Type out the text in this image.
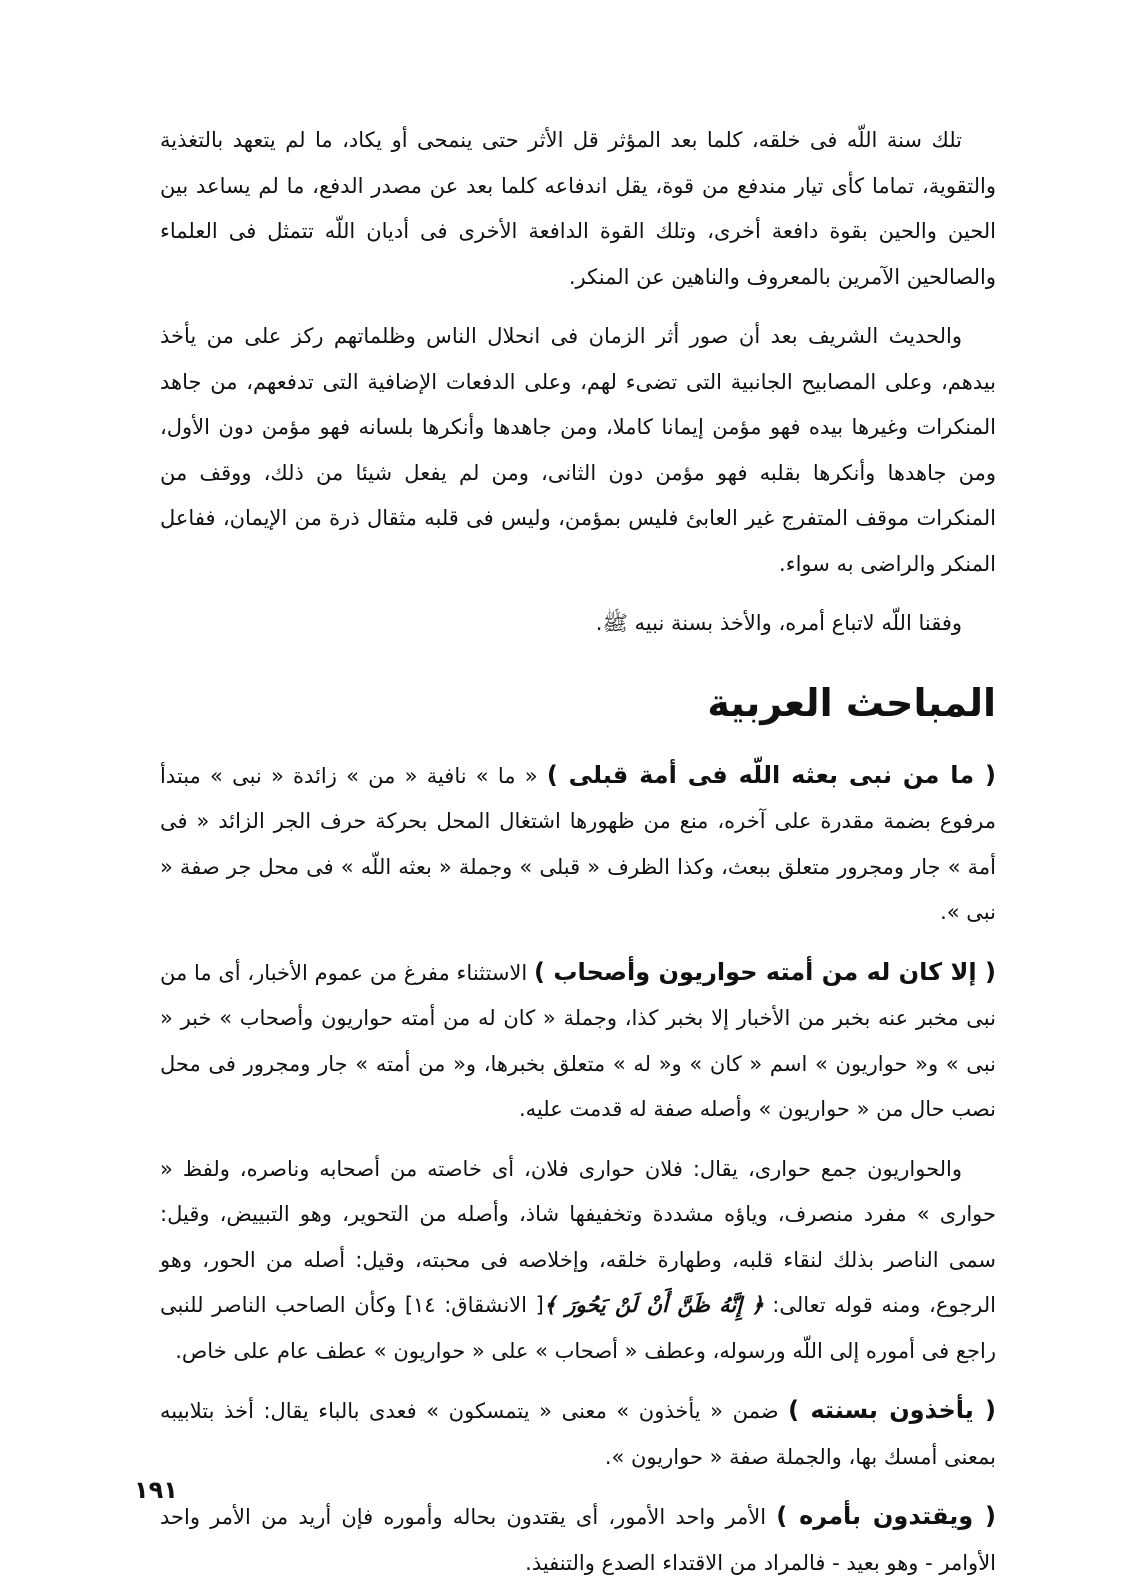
تلك سنة اللّه فى خلقه، كلما بعد المؤثر قل الأثر حتى ينمحى أو يكاد، ما لم يتعهد بالتغذية والتقوية، تماما كأى تيار مندفع من قوة، يقل اندفاعه كلما بعد عن مصدر الدفع، ما لم يساعد بين الحين والحين بقوة دافعة أخرى، وتلك القوة الدافعة الأخرى فى أديان اللّه تتمثل فى العلماء والصالحين الآمرين بالمعروف والناهين عن المنكر.

والحديث الشريف بعد أن صور أثر الزمان فى انحلال الناس وظلماتهم ركز على من يأخذ بيدهم، وعلى المصابيح الجانبية التى تضىء لهم، وعلى الدفعات الإضافية التى تدفعهم، من جاهد المنكرات وغيرها بيده فهو مؤمن إيمانا كاملا، ومن جاهدها وأنكرها بلسانه فهو مؤمن دون الأول، ومن جاهدها وأنكرها بقلبه فهو مؤمن دون الثانى، ومن لم يفعل شيئا من ذلك، ووقف من المنكرات موقف المتفرج غير العابئ فليس بمؤمن، وليس فى قلبه مثقال ذرة من الإيمان، ففاعل المنكر والراضى به سواء.

وفقنا اللّه لاتباع أمره، والأخذ بسنة نبيه ﷺ.

المباحث العربية

( ما من نبى بعثه اللّه فى أمة قبلى ) « ما » نافية « من » زائدة « نبى » مبتدأ مرفوع بضمة مقدرة على آخره، منع من ظهورها اشتغال المحل بحركة حرف الجر الزائد « فى أمة » جار ومجرور متعلق ببعث، وكذا الظرف « قبلى » وجملة « بعثه اللّه » فى محل جر صفة « نبى ».

( إلا كان له من أمته حواريون وأصحاب ) الاستثناء مفرغ من عموم الأخبار، أى ما من نبى مخبر عنه بخبر من الأخبار إلا بخبر كذا، وجملة « كان له من أمته حواريون وأصحاب » خبر « نبى » و« حواريون » اسم « كان » و« له » متعلق بخبرها، و« من أمته » جار ومجرور فى محل نصب حال من « حواريون » وأصله صفة له قدمت عليه.

والحواريون جمع حوارى، يقال: فلان حوارى فلان، أى خاصته من أصحابه وناصره، ولفظ « حوارى » مفرد منصرف، وياؤه مشددة وتخفيفها شاذ، وأصله من التحوير، وهو التبييض، وقيل: سمى الناصر بذلك لنقاء قلبه، وطهارة خلقه، وإخلاصه فى محبته، وقيل: أصله من الحور، وهو الرجوع، ومنه قوله تعالى: ﴿ إِنَّهُ ظَنَّ أَنْ لَنْ يَحُورَ ﴾[ الانشقاق: ١٤] وكأن الصاحب الناصر للنبى راجع فى أموره إلى اللّه ورسوله، وعطف « أصحاب » على « حواريون » عطف عام على خاص.

( يأخذون بسنته ) ضمن « يأخذون » معنى « يتمسكون » فعدى بالباء يقال: أخذ بتلابيبه بمعنى أمسك بها، والجملة صفة « حواريون ».

( ويقتدون بأمره ) الأمر واحد الأمور، أى يقتدون بحاله وأموره فإن أريد من الأمر واحد الأوامر - وهو بعيد - فالمراد من الاقتداء الصدع والتنفيذ.

١٩١
